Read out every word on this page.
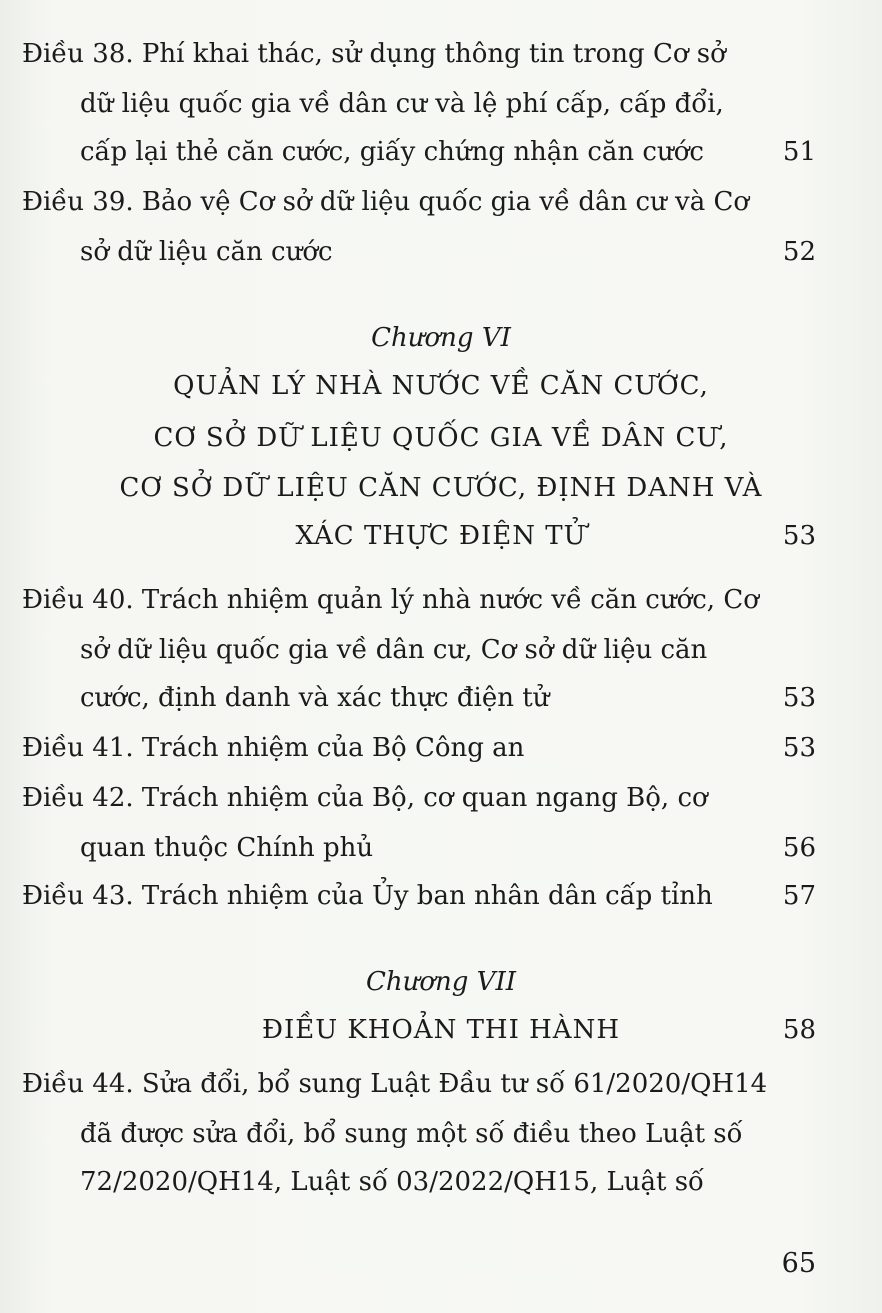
Điều 38. Phí khai thác, sử dụng thông tin trong Cơ sở
dữ liệu quốc gia về dân cư và lệ phí cấp, cấp đổi,
cấp lại thẻ căn cước, giấy chứng nhận căn cước	51
Điều 39. Bảo vệ Cơ sở dữ liệu quốc gia về dân cư và Cơ
sở dữ liệu căn cước	52
Chương VI
QUẢN LÝ NHÀ NƯỚC VỀ CĂN CƯỚC,
CƠ SỞ DỮ LIỆU QUỐC GIA VỀ DÂN CƯ,
CƠ SỞ DỮ LIỆU CĂN CƯỚC, ĐỊNH DANH VÀ
XÁC THỰC ĐIỆN TỬ	53
Điều 40. Trách nhiệm quản lý nhà nước về căn cước, Cơ
sở dữ liệu quốc gia về dân cư, Cơ sở dữ liệu căn
cước, định danh và xác thực điện tử	53
Điều 41. Trách nhiệm của Bộ Công an	53
Điều 42. Trách nhiệm của Bộ, cơ quan ngang Bộ, cơ
quan thuộc Chính phủ	56
Điều 43. Trách nhiệm của Ủy ban nhân dân cấp tỉnh	57
Chương VII
ĐIỀU KHOẢN THI HÀNH	58
Điều 44. Sửa đổi, bổ sung Luật Đầu tư số 61/2020/QH14
đã được sửa đổi, bổ sung một số điều theo Luật số
72/2020/QH14, Luật số 03/2022/QH15, Luật số
65
